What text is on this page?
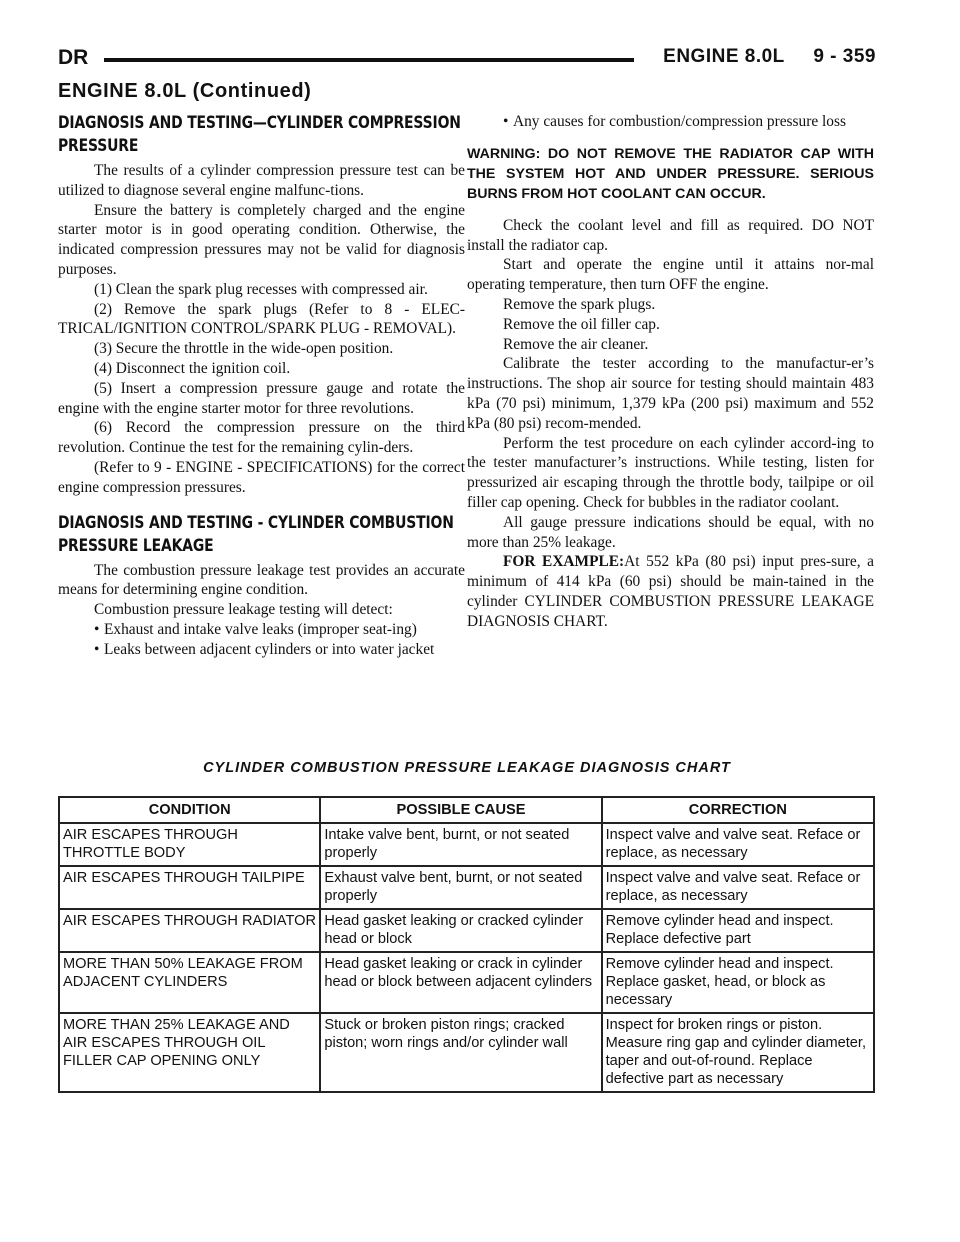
DR	ENGINE 8.0L     9 - 359
ENGINE 8.0L (Continued)
DIAGNOSIS AND TESTING—CYLINDER COMPRESSION PRESSURE

The results of a cylinder compression pressure test can be utilized to diagnose several engine malfunc-tions.

Ensure the battery is completely charged and the engine starter motor is in good operating condition. Otherwise, the indicated compression pressures may not be valid for diagnosis purposes.

(1) Clean the spark plug recesses with compressed air.

(2) Remove the spark plugs (Refer to 8 - ELEC-TRICAL/IGNITION CONTROL/SPARK PLUG - REMOVAL).

(3) Secure the throttle in the wide-open position.

(4) Disconnect the ignition coil.

(5) Insert a compression pressure gauge and rotate the engine with the engine starter motor for three revolutions.

(6) Record the compression pressure on the third revolution. Continue the test for the remaining cylin-ders.

(Refer to 9 - ENGINE - SPECIFICATIONS) for the correct engine compression pressures.

DIAGNOSIS AND TESTING - CYLINDER COMBUSTION PRESSURE LEAKAGE

The combustion pressure leakage test provides an accurate means for determining engine condition.

Combustion pressure leakage testing will detect:

• Exhaust and intake valve leaks (improper seat-ing)

• Leaks between adjacent cylinders or into water jacket

• Any causes for combustion/compression pressure loss

WARNING: DO NOT REMOVE THE RADIATOR CAP WITH THE SYSTEM HOT AND UNDER PRESSURE. SERIOUS BURNS FROM HOT COOLANT CAN OCCUR.

Check the coolant level and fill as required. DO NOT install the radiator cap.

Start and operate the engine until it attains nor-mal operating temperature, then turn OFF the engine.

Remove the spark plugs.

Remove the oil filler cap.

Remove the air cleaner.

Calibrate the tester according to the manufactur-er’s instructions. The shop air source for testing should maintain 483 kPa (70 psi) minimum, 1,379 kPa (200 psi) maximum and 552 kPa (80 psi) recom-mended.

Perform the test procedure on each cylinder accord-ing to the tester manufacturer’s instructions. While testing, listen for pressurized air escaping through the throttle body, tailpipe or oil filler cap opening. Check for bubbles in the radiator coolant.

All gauge pressure indications should be equal, with no more than 25% leakage.

FOR EXAMPLE:At 552 kPa (80 psi) input pres-sure, a minimum of 414 kPa (60 psi) should be main-tained in the cylinder CYLINDER COMBUSTION PRESSURE LEAKAGE DIAGNOSIS CHART.

CYLINDER COMBUSTION PRESSURE LEAKAGE DIAGNOSIS CHART
CONDITION	POSSIBLE CAUSE	CORRECTION
AIR ESCAPES THROUGH THROTTLE BODY	Intake valve bent, burnt, or not seated properly	Inspect valve and valve seat. Reface or replace, as necessary
AIR ESCAPES THROUGH TAILPIPE	Exhaust valve bent, burnt, or not seated properly	Inspect valve and valve seat. Reface or replace, as necessary
AIR ESCAPES THROUGH RADIATOR	Head gasket leaking or cracked cylinder head or block	Remove cylinder head and inspect. Replace defective part
MORE THAN 50% LEAKAGE FROM ADJACENT CYLINDERS	Head gasket leaking or crack in cylinder head or block between adjacent cylinders	Remove cylinder head and inspect. Replace gasket, head, or block as necessary
MORE THAN 25% LEAKAGE AND AIR ESCAPES THROUGH OIL FILLER CAP OPENING ONLY	Stuck or broken piston rings; cracked piston; worn rings and/or cylinder wall	Inspect for broken rings or piston. Measure ring gap and cylinder diameter, taper and out-of-round. Replace defective part as necessary
